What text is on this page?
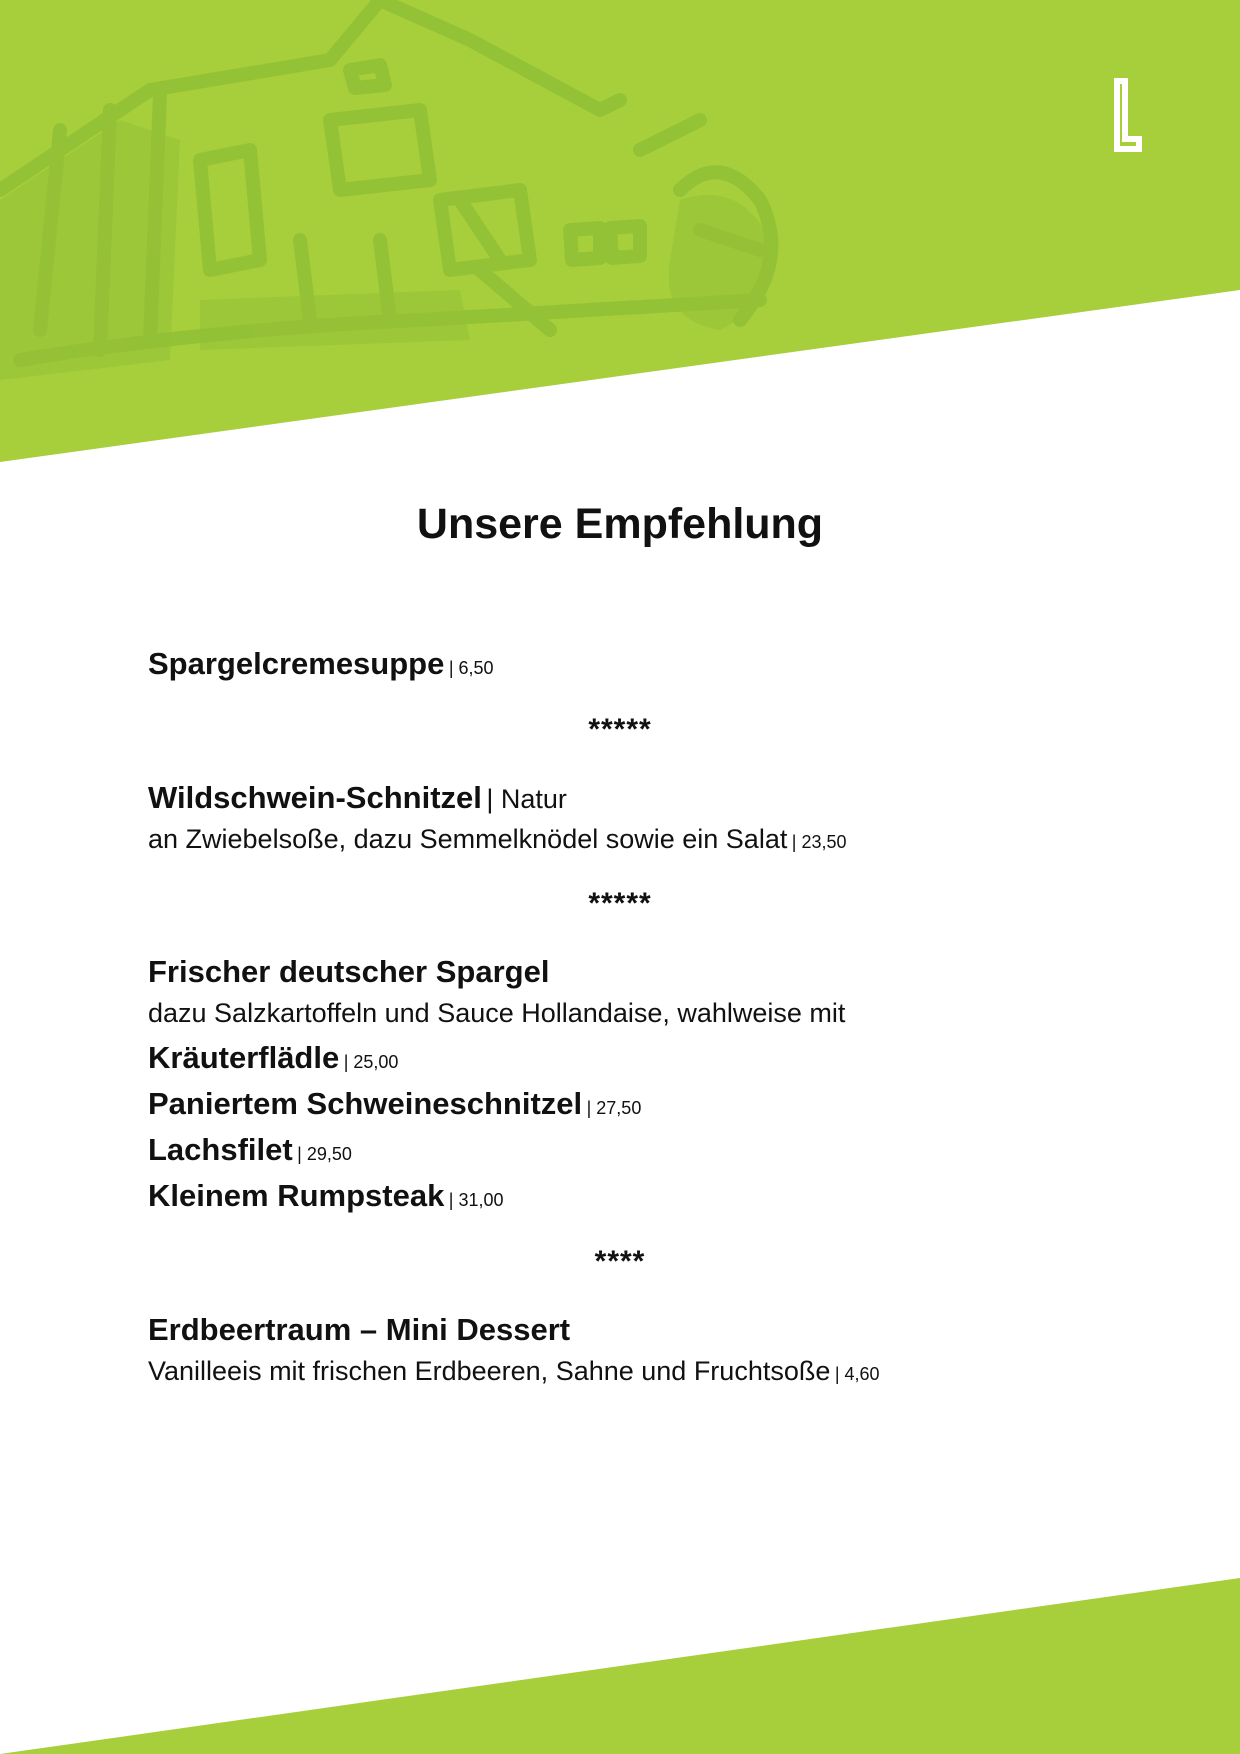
Unsere Empfehlung
Spargelcremesuppe | 6,50
*****
Wildschwein-Schnitzel | Natur
an Zwiebelsoße, dazu Semmelknödel sowie ein Salat | 23,50
*****
Frischer deutscher Spargel
dazu Salzkartoffeln und Sauce Hollandaise, wahlweise mit
Kräuterflädle | 25,00
Paniertem Schweineschnitzel | 27,50
Lachsfilet | 29,50
Kleinem Rumpsteak | 31,00
****
Erdbeertraum – Mini Dessert
Vanilleeis mit frischen Erdbeeren, Sahne und Fruchtsoße | 4,60
